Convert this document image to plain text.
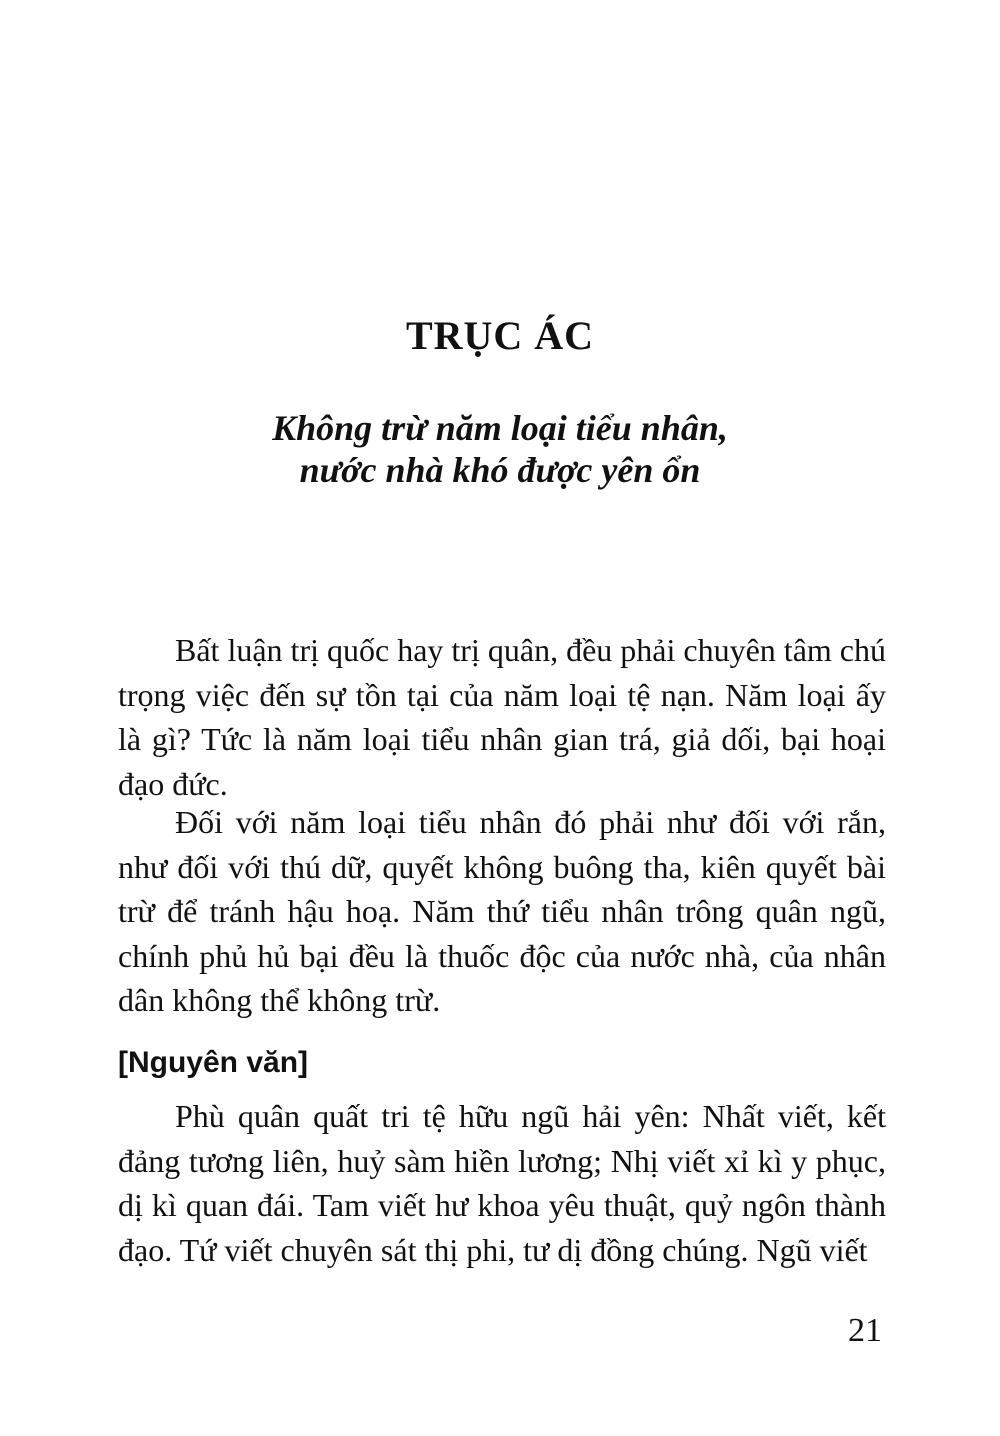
TRỤC ÁC
Không trừ năm loại tiểu nhân,
nước nhà khó được yên ổn

Bất luận trị quốc hay trị quân, đều phải chuyên tâm chú trọng việc đến sự tồn tại của năm loại tệ nạn. Năm loại ấy là gì? Tức là năm loại tiểu nhân gian trá, giả dối, bại hoại đạo đức.

Đối với năm loại tiểu nhân đó phải như đối với rắn, như đối với thú dữ, quyết không buông tha, kiên quyết bài trừ để tránh hậu hoạ. Năm thứ tiểu nhân trông quân ngũ, chính phủ hủ bại đều là thuốc độc của nước nhà, của nhân dân không thể không trừ.

[Nguyên văn]

Phù quân quất tri tệ hữu ngũ hải yên: Nhất viết, kết đảng tương liên, huỷ sàm hiền lương; Nhị viết xỉ kì y phục, dị kì quan đái. Tam viết hư khoa yêu thuật, quỷ ngôn thành đạo. Tứ viết chuyên sát thị phi, tư dị đồng chúng. Ngũ viết

21
